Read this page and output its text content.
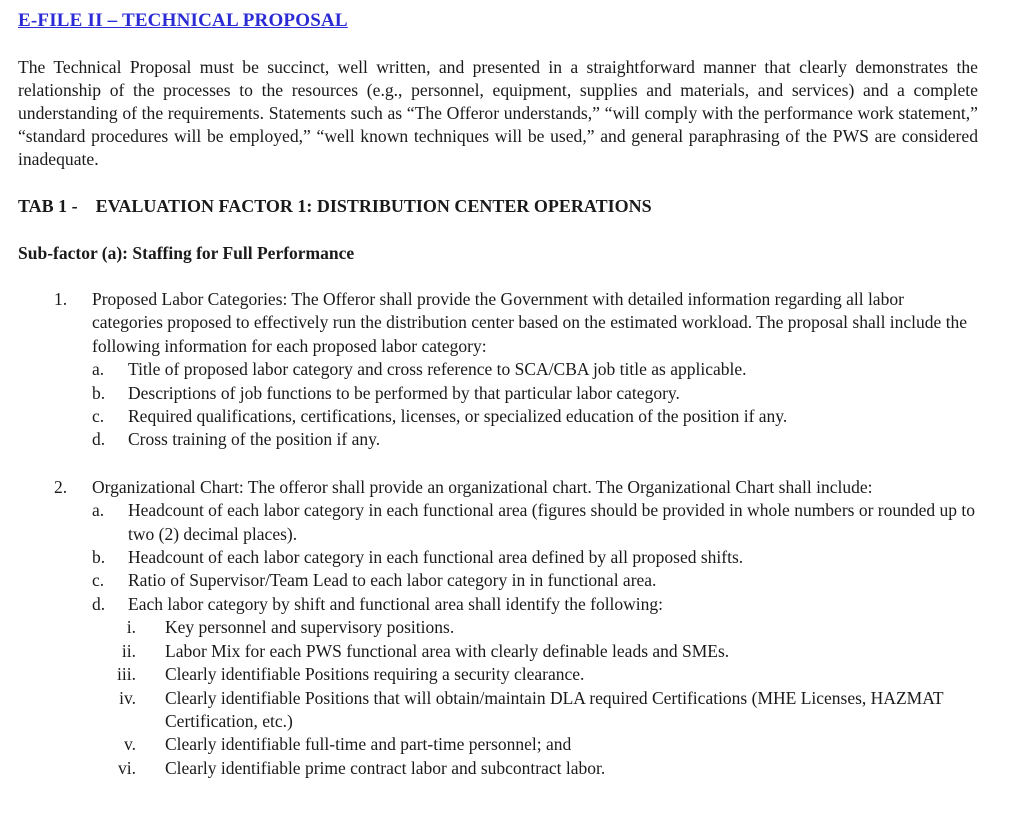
E-FILE II – TECHNICAL PROPOSAL

The Technical Proposal must be succinct, well written, and presented in a straightforward manner that clearly demonstrates the relationship of the processes to the resources (e.g., personnel, equipment, supplies and materials, and services) and a complete understanding of the requirements. Statements such as “The Offeror understands,” “will comply with the performance work statement,” “standard procedures will be employed,” “well known techniques will be used,” and general paraphrasing of the PWS are considered inadequate.

TAB 1 -    EVALUATION FACTOR 1: DISTRIBUTION CENTER OPERATIONS
Sub-factor (a): Staffing for Full Performance
1. Proposed Labor Categories: The Offeror shall provide the Government with detailed information regarding all labor categories proposed to effectively run the distribution center based on the estimated workload. The proposal shall include the following information for each proposed labor category:
a. Title of proposed labor category and cross reference to SCA/CBA job title as applicable.
b. Descriptions of job functions to be performed by that particular labor category.
c. Required qualifications, certifications, licenses, or specialized education of the position if any.
d. Cross training of the position if any.
2. Organizational Chart: The offeror shall provide an organizational chart. The Organizational Chart shall include:
a. Headcount of each labor category in each functional area (figures should be provided in whole numbers or rounded up to two (2) decimal places).
b. Headcount of each labor category in each functional area defined by all proposed shifts.
c. Ratio of Supervisor/Team Lead to each labor category in in functional area.
d. Each labor category by shift and functional area shall identify the following:
i. Key personnel and supervisory positions.
ii. Labor Mix for each PWS functional area with clearly definable leads and SMEs.
iii. Clearly identifiable Positions requiring a security clearance.
iv. Clearly identifiable Positions that will obtain/maintain DLA required Certifications (MHE Licenses, HAZMAT Certification, etc.)
v. Clearly identifiable full-time and part-time personnel; and
vi. Clearly identifiable prime contract labor and subcontract labor.
